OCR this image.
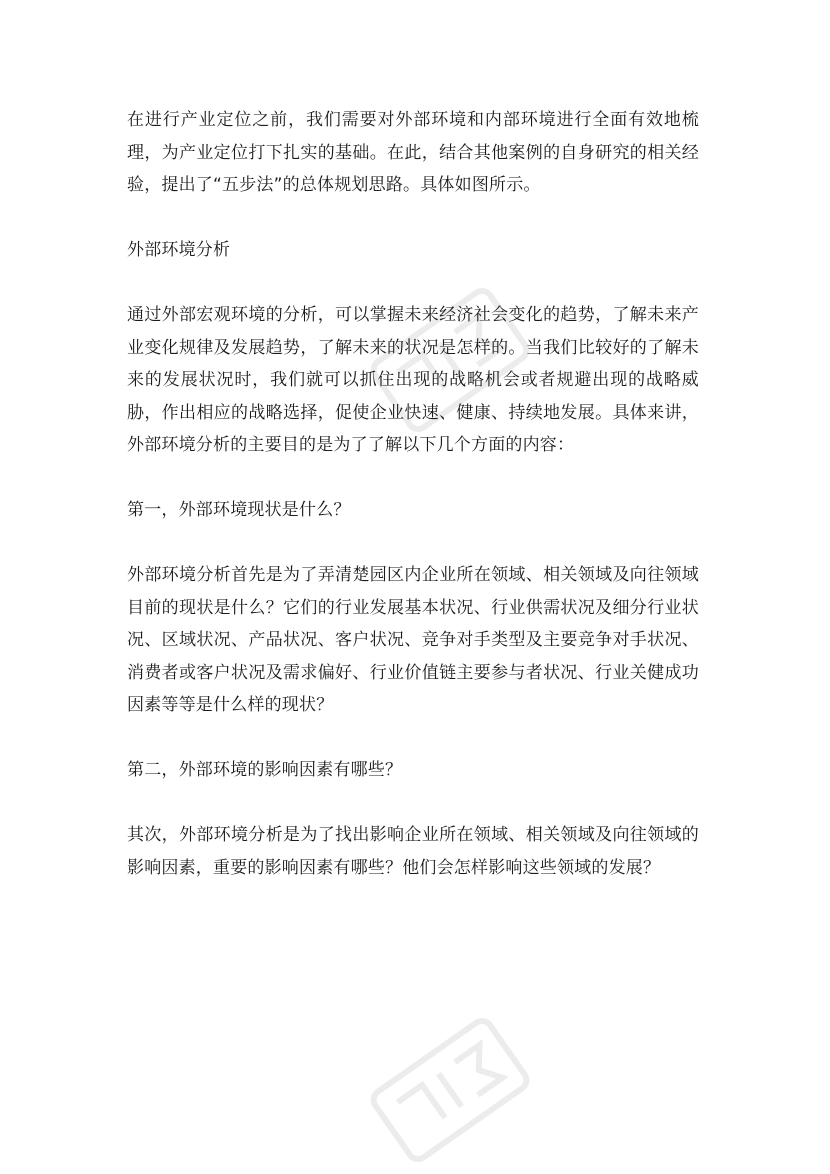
在进行产业定位之前，我们需要对外部环境和内部环境进行全面有效地梳理，为产业定位打下扎实的基础。在此，结合其他案例的自身研究的相关经验，提出了“五步法”的总体规划思路。具体如图所示。

外部环境分析

通过外部宏观环境的分析，可以掌握未来经济社会变化的趋势，了解未来产业变化规律及发展趋势，了解未来的状况是怎样的。当我们比较好的了解未来的发展状况时，我们就可以抓住出现的战略机会或者规避出现的战略威胁，作出相应的战略选择，促使企业快速、健康、持续地发展。具体来讲，外部环境分析的主要目的是为了了解以下几个方面的内容：

第一，外部环境现状是什么？

外部环境分析首先是为了弄清楚园区内企业所在领域、相关领域及向往领域目前的现状是什么？它们的行业发展基本状况、行业供需状况及细分行业状况、区域状况、产品状况、客户状况、竞争对手类型及主要竞争对手状况、消费者或客户状况及需求偏好、行业价值链主要参与者状况、行业关健成功因素等等是什么样的现状？

第二，外部环境的影响因素有哪些？

其次，外部环境分析是为了找出影响企业所在领域、相关领域及向往领域的影响因素，重要的影响因素有哪些？他们会怎样影响这些领域的发展？
